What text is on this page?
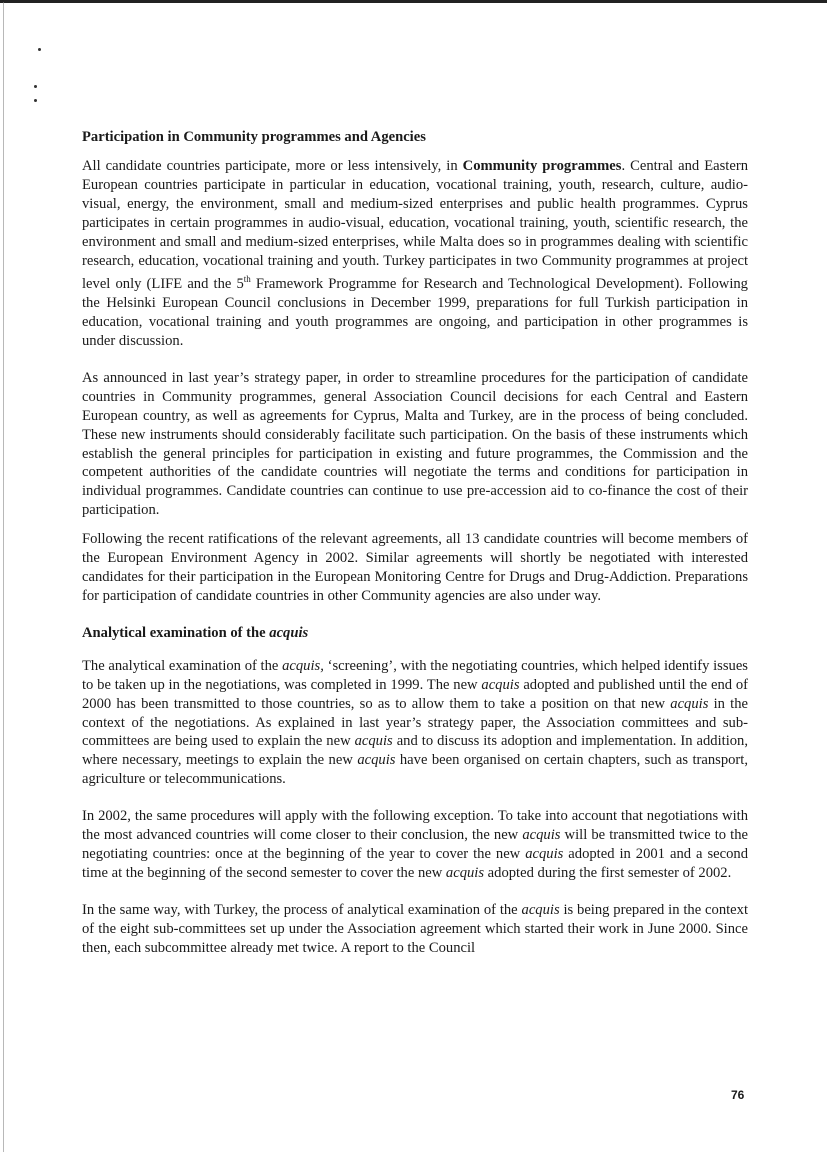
Participation in Community programmes and Agencies

All candidate countries participate, more or less intensively, in Community programmes. Central and Eastern European countries participate in particular in education, vocational training, youth, research, culture, audio-visual, energy, the environment, small and medium-sized enterprises and public health programmes. Cyprus participates in certain programmes in audio-visual, education, vocational training, youth, scientific research, the environment and small and medium-sized enterprises, while Malta does so in programmes dealing with scientific research, education, vocational training and youth. Turkey participates in two Community programmes at project level only (LIFE and the 5th Framework Programme for Research and Technological Development). Following the Helsinki European Council conclusions in December 1999, preparations for full Turkish participation in education, vocational training and youth programmes are ongoing, and participation in other programmes is under discussion.

As announced in last year’s strategy paper, in order to streamline procedures for the participation of candidate countries in Community programmes, general Association Council decisions for each Central and Eastern European country, as well as agreements for Cyprus, Malta and Turkey, are in the process of being concluded. These new instruments should considerably facilitate such participation. On the basis of these instruments which establish the general principles for participation in existing and future programmes, the Commission and the competent authorities of the candidate countries will negotiate the terms and conditions for participation in individual programmes. Candidate countries can continue to use pre-accession aid to co-finance the cost of their participation.

Following the recent ratifications of the relevant agreements, all 13 candidate countries will become members of the European Environment Agency in 2002. Similar agreements will shortly be negotiated with interested candidates for their participation in the European Monitoring Centre for Drugs and Drug-Addiction. Preparations for participation of candidate countries in other Community agencies are also under way.

Analytical examination of the acquis

The analytical examination of the acquis, ‘screening’, with the negotiating countries, which helped identify issues to be taken up in the negotiations, was completed in 1999. The new acquis adopted and published until the end of 2000 has been transmitted to those countries, so as to allow them to take a position on that new acquis in the context of the negotiations. As explained in last year’s strategy paper, the Association committees and sub-committees are being used to explain the new acquis and to discuss its adoption and implementation. In addition, where necessary, meetings to explain the new acquis have been organised on certain chapters, such as transport, agriculture or telecommunications.

In 2002, the same procedures will apply with the following exception. To take into account that negotiations with the most advanced countries will come closer to their conclusion, the new acquis will be transmitted twice to the negotiating countries: once at the beginning of the year to cover the new acquis adopted in 2001 and a second time at the beginning of the second semester to cover the new acquis adopted during the first semester of 2002.

In the same way, with Turkey, the process of analytical examination of the acquis is being prepared in the context of the eight sub-committees set up under the Association agreement which started their work in June 2000. Since then, each subcommittee already met twice. A report to the Council

76
